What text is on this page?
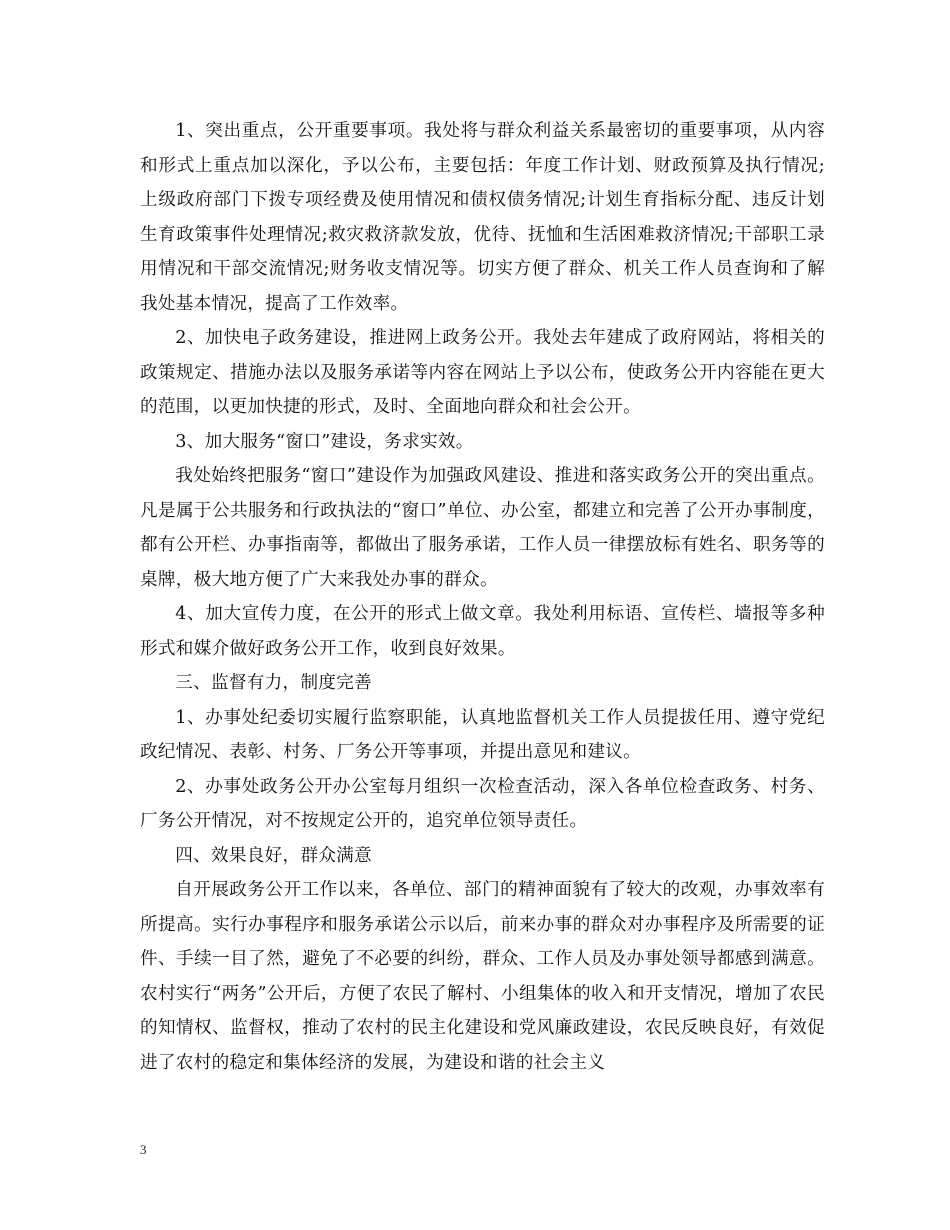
1、突出重点，公开重要事项。我处将与群众利益关系最密切的重要事项，从内容和形式上重点加以深化，予以公布，主要包括：年度工作计划、财政预算及执行情况;上级政府部门下拨专项经费及使用情况和债权债务情况;计划生育指标分配、违反计划生育政策事件处理情况;救灾救济款发放，优待、抚恤和生活困难救济情况;干部职工录用情况和干部交流情况;财务收支情况等。切实方便了群众、机关工作人员查询和了解我处基本情况，提高了工作效率。

2、加快电子政务建设，推进网上政务公开。我处去年建成了政府网站，将相关的政策规定、措施办法以及服务承诺等内容在网站上予以公布，使政务公开内容能在更大的范围，以更加快捷的形式，及时、全面地向群众和社会公开。

3、加大服务“窗口”建设，务求实效。

我处始终把服务“窗口”建设作为加强政风建设、推进和落实政务公开的突出重点。凡是属于公共服务和行政执法的“窗口”单位、办公室，都建立和完善了公开办事制度，都有公开栏、办事指南等，都做出了服务承诺，工作人员一律摆放标有姓名、职务等的桌牌，极大地方便了广大来我处办事的群众。

4、加大宣传力度，在公开的形式上做文章。我处利用标语、宣传栏、墙报等多种形式和媒介做好政务公开工作，收到良好效果。

三、监督有力，制度完善

1、办事处纪委切实履行监察职能，认真地监督机关工作人员提拔任用、遵守党纪政纪情况、表彰、村务、厂务公开等事项，并提出意见和建议。

2、办事处政务公开办公室每月组织一次检查活动，深入各单位检查政务、村务、厂务公开情况，对不按规定公开的，追究单位领导责任。

四、效果良好，群众满意

自开展政务公开工作以来，各单位、部门的精神面貌有了较大的改观，办事效率有所提高。实行办事程序和服务承诺公示以后，前来办事的群众对办事程序及所需要的证件、手续一目了然，避免了不必要的纠纷，群众、工作人员及办事处领导都感到满意。农村实行“两务”公开后，方便了农民了解村、小组集体的收入和开支情况，增加了农民的知情权、监督权，推动了农村的民主化建设和党风廉政建设，农民反映良好，有效促进了农村的稳定和集体经济的发展，为建设和谐的社会主义

3
